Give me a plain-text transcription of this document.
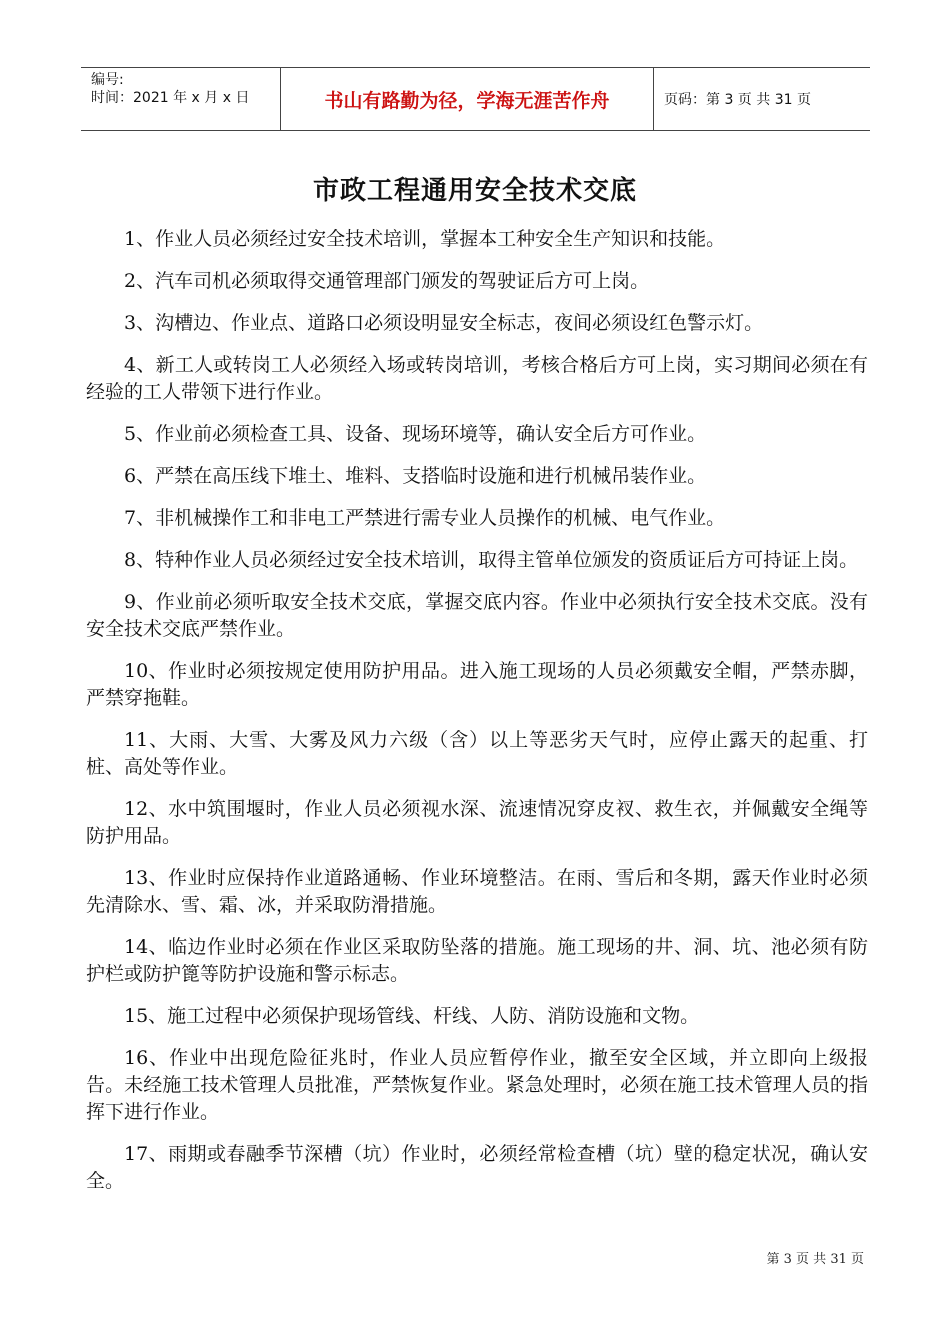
编号:
时间：2021 年 x 月 x 日	书山有路勤为径，学海无涯苦作舟	页码：第 3 页 共 31 页
市政工程通用安全技术交底

1、作业人员必须经过安全技术培训，掌握本工种安全生产知识和技能。

2、汽车司机必须取得交通管理部门颁发的驾驶证后方可上岗。

3、沟槽边、作业点、道路口必须设明显安全标志，夜间必须设红色警示灯。

4、新工人或转岗工人必须经入场或转岗培训，考核合格后方可上岗，实习期间必须在有经验的工人带领下进行作业。

5、作业前必须检查工具、设备、现场环境等，确认安全后方可作业。

6、严禁在高压线下堆土、堆料、支搭临时设施和进行机械吊装作业。

7、非机械操作工和非电工严禁进行需专业人员操作的机械、电气作业。

8、特种作业人员必须经过安全技术培训，取得主管单位颁发的资质证后方可持证上岗。

9、作业前必须听取安全技术交底，掌握交底内容。作业中必须执行安全技术交底。没有安全技术交底严禁作业。

10、作业时必须按规定使用防护用品。进入施工现场的人员必须戴安全帽，严禁赤脚，严禁穿拖鞋。

11、大雨、大雪、大雾及风力六级（含）以上等恶劣天气时，应停止露天的起重、打桩、高处等作业。

12、水中筑围堰时，作业人员必须视水深、流速情况穿皮衩、救生衣，并佩戴安全绳等防护用品。

13、作业时应保持作业道路通畅、作业环境整洁。在雨、雪后和冬期，露天作业时必须先清除水、雪、霜、冰，并采取防滑措施。

14、临边作业时必须在作业区采取防坠落的措施。施工现场的井、洞、坑、池必须有防护栏或防护篦等防护设施和警示标志。

15、施工过程中必须保护现场管线、杆线、人防、消防设施和文物。

16、作业中出现危险征兆时，作业人员应暂停作业，撤至安全区域，并立即向上级报告。未经施工技术管理人员批准，严禁恢复作业。紧急处理时，必须在施工技术管理人员的指挥下进行作业。

17、雨期或春融季节深槽（坑）作业时，必须经常检查槽（坑）壁的稳定状况，确认安全。

第 3 页 共 31 页
